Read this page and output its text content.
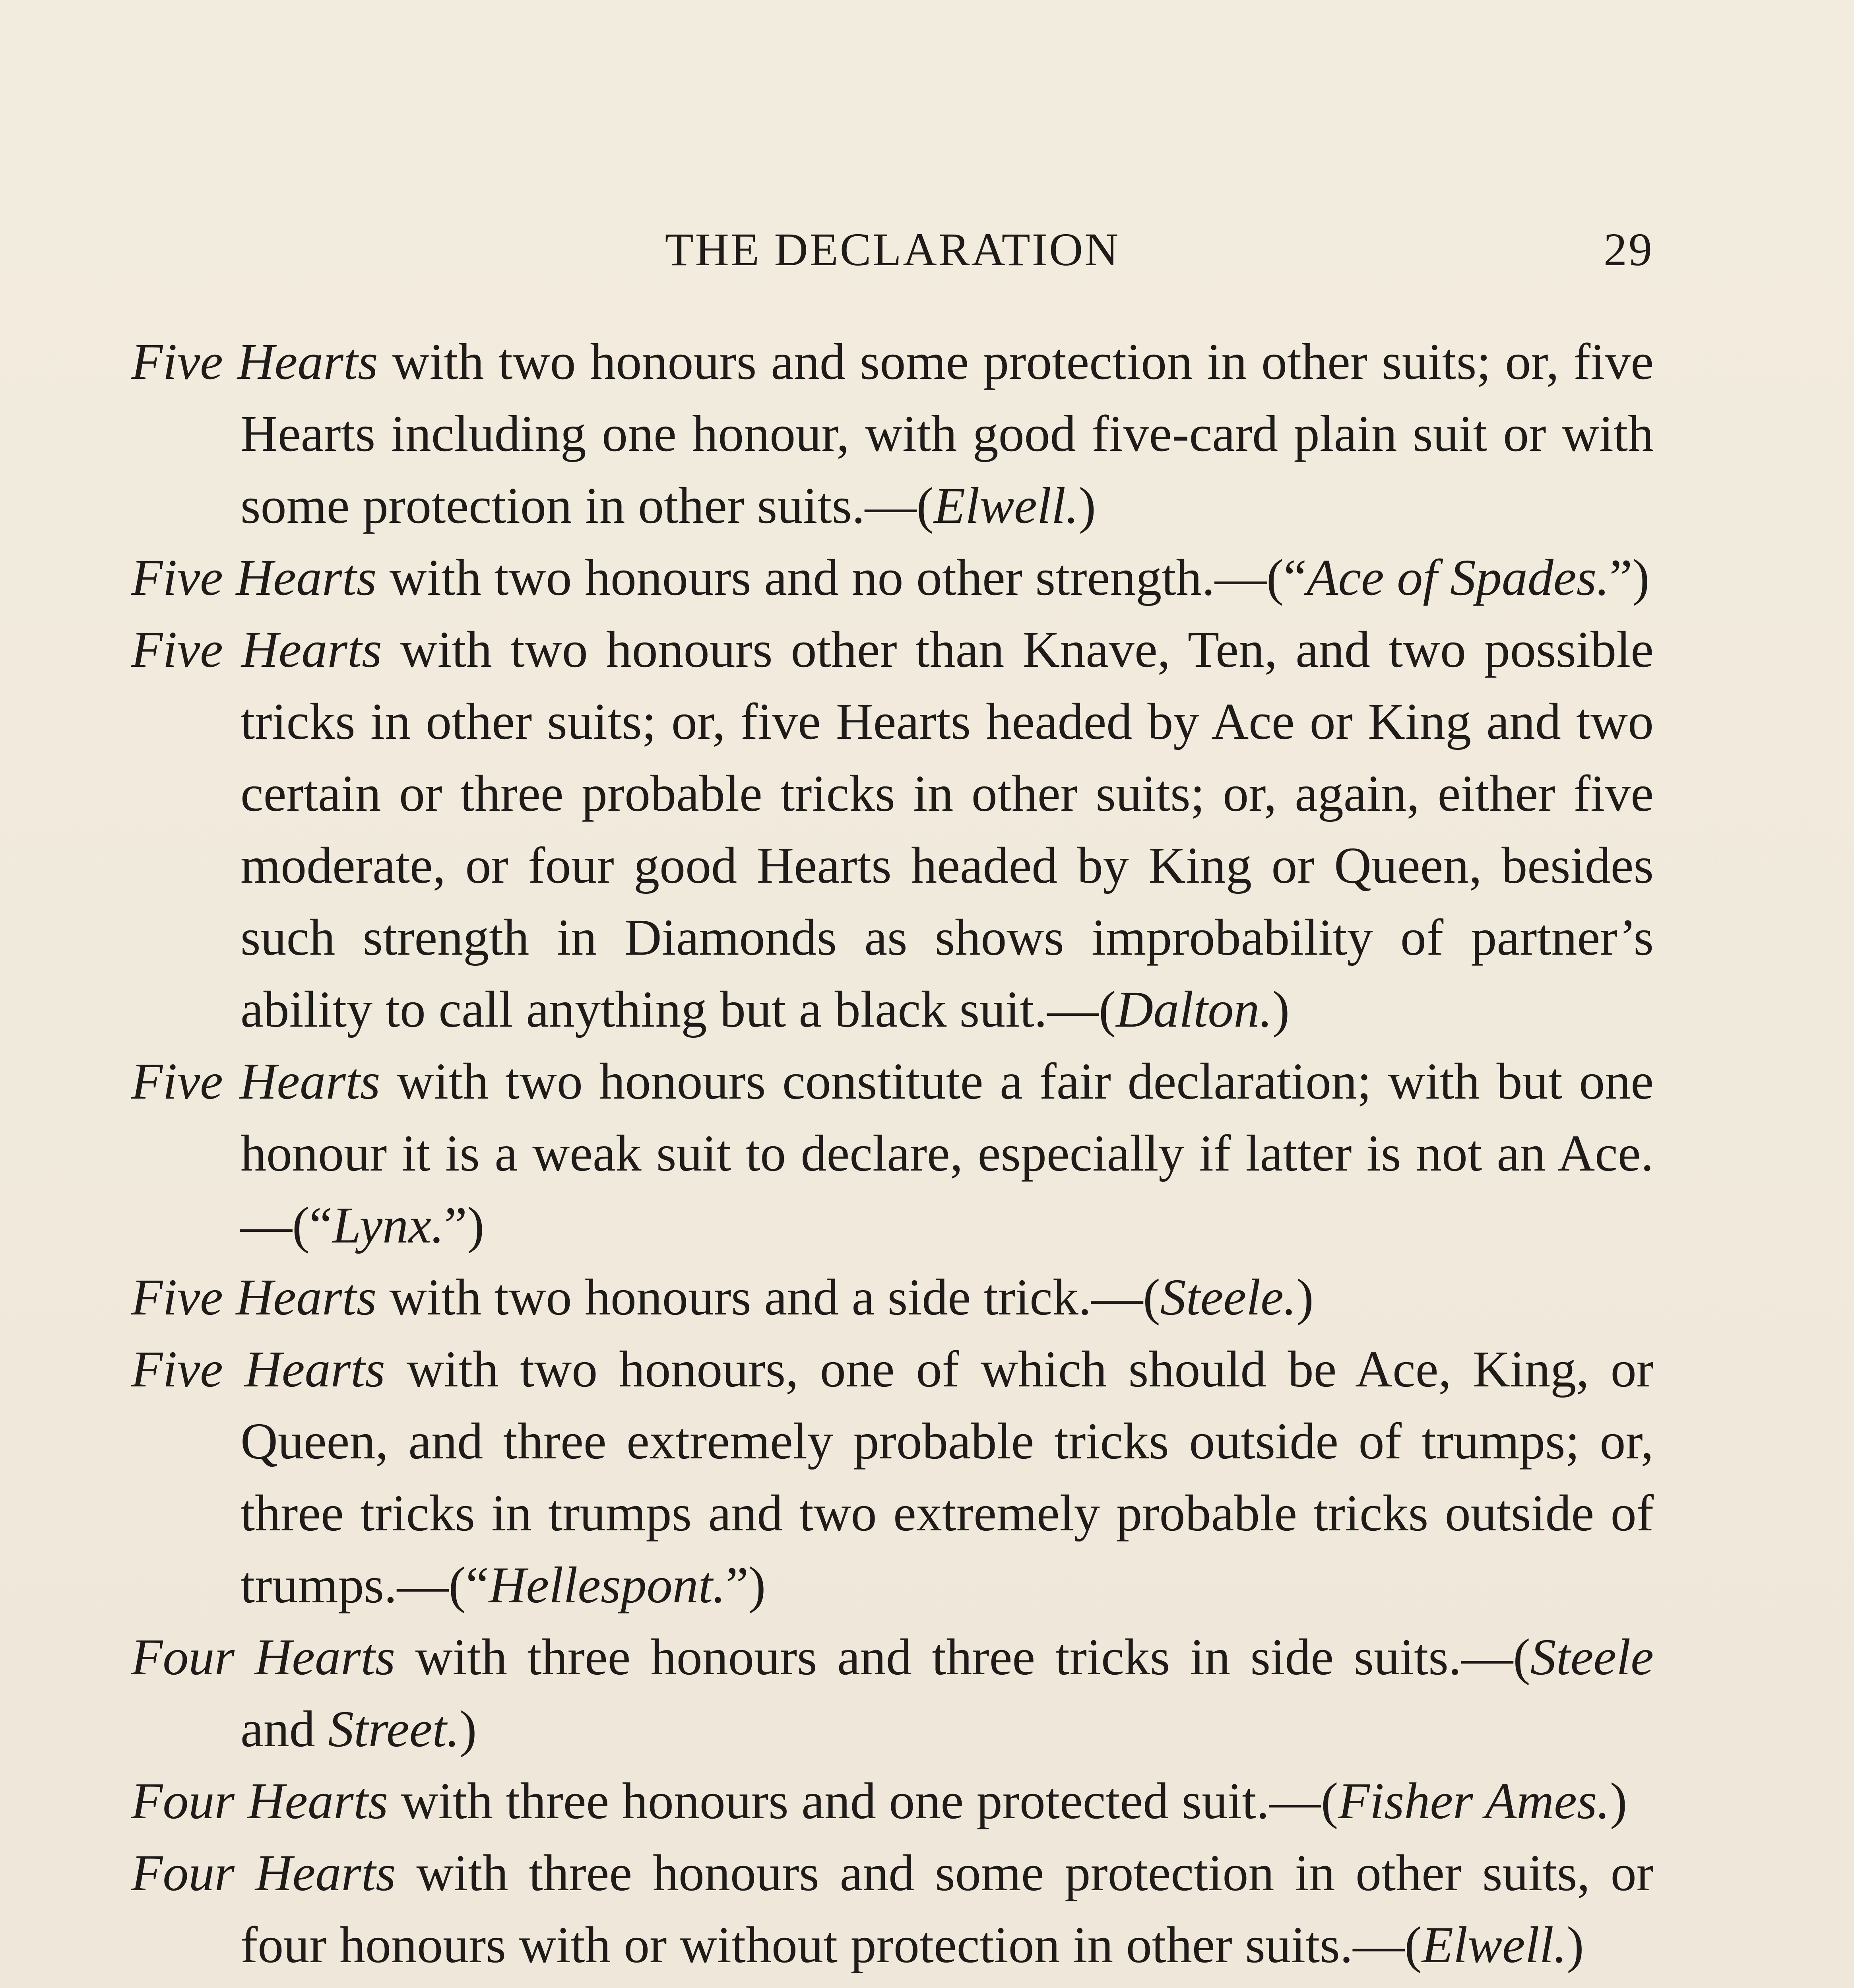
THE DECLARATION	29

Five Hearts with two honours and some protection in other suits; or, five Hearts including one honour, with good five-card plain suit or with some protection in other suits.—(Elwell.)

Five Hearts with two honours and no other strength.—(“Ace of Spades.”)

Five Hearts with two honours other than Knave, Ten, and two possible tricks in other suits; or, five Hearts headed by Ace or King and two certain or three probable tricks in other suits; or, again, either five moderate, or four good Hearts headed by King or Queen, besides such strength in Diamonds as shows improbability of partner’s ability to call anything but a black suit.—(Dalton.)

Five Hearts with two honours constitute a fair declaration; with but one honour it is a weak suit to declare, especially if latter is not an Ace.—(“Lynx.”)

Five Hearts with two honours and a side trick.—(Steele.)

Five Hearts with two honours, one of which should be Ace, King, or Queen, and three extremely probable tricks outside of trumps; or, three tricks in trumps and two extremely probable tricks outside of trumps.—(“Hellespont.”)

Four Hearts with three honours and three tricks in side suits.—(Steele and Street.)

Four Hearts with three honours and one protected suit.—(Fisher Ames.)

Four Hearts with three honours and some protection in other suits, or four honours with or without protection in other suits.—(Elwell.)
